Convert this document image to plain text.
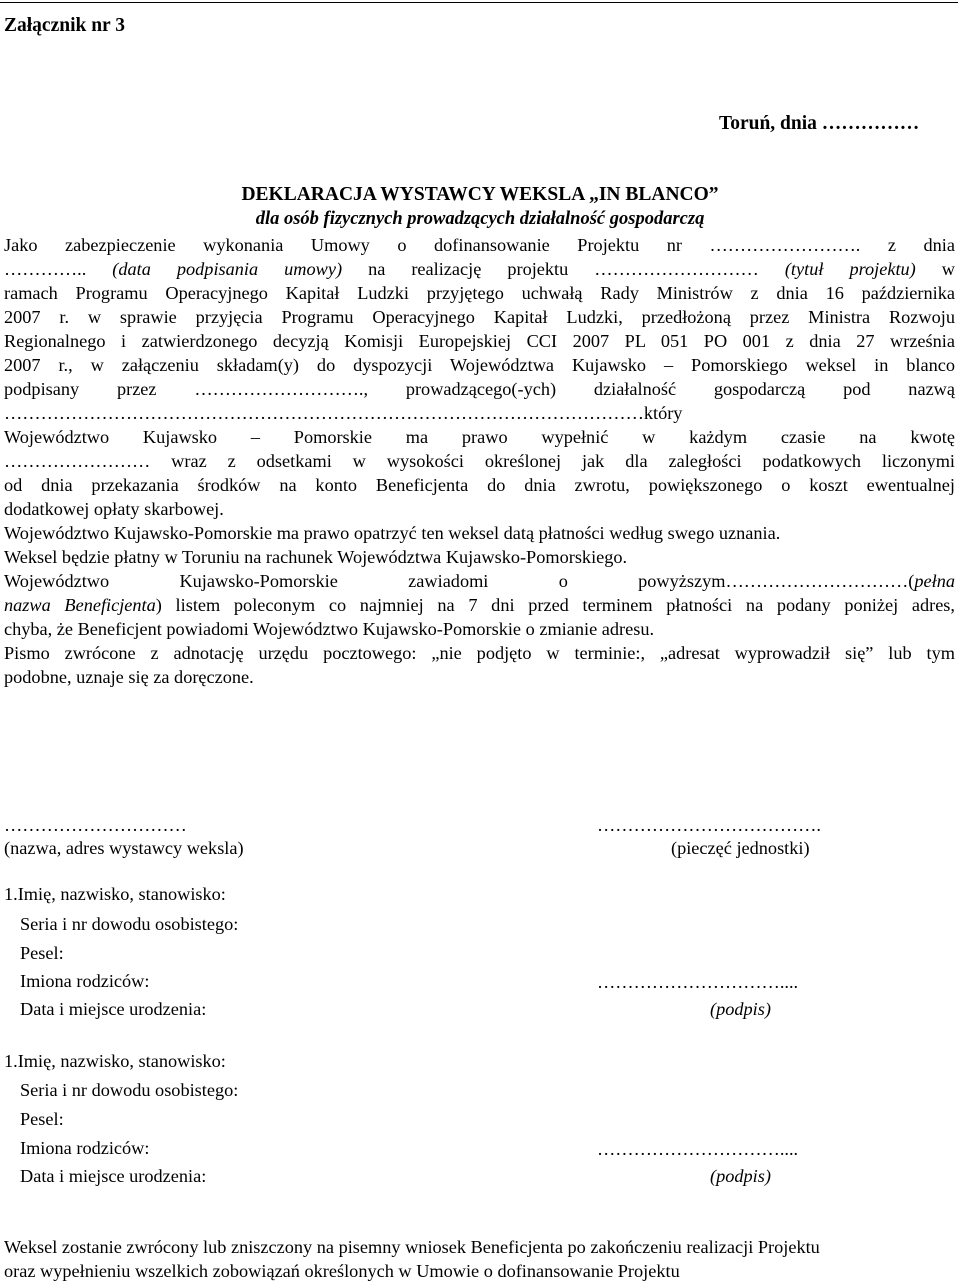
Załącznik nr 3
Toruń, dnia ……………
DEKLARACJA WYSTAWCY WEKSLA „IN BLANCO”
dla osób fizycznych prowadzących działalność gospodarczą
Jako zabezpieczenie wykonania Umowy o dofinansowanie Projektu nr ……………………. z dnia
………….. (data podpisania umowy) na realizację projektu ……………………… (tytuł projektu) w
ramach Programu Operacyjnego Kapitał Ludzki przyjętego uchwałą Rady Ministrów z dnia 16 października
2007 r. w sprawie przyjęcia Programu Operacyjnego Kapitał Ludzki, przedłożoną przez Ministra Rozwoju
Regionalnego i zatwierdzonego decyzją Komisji Europejskiej CCI 2007 PL 051 PO 001 z dnia 27 września
2007 r., w załączeniu składam(y) do dyspozycji Województwa Kujawsko – Pomorskiego weksel in blanco
podpisany przez ………………………., prowadzącego(-ych) działalność gospodarczą pod nazwą
……………………………………………………………………………………………który
Województwo Kujawsko – Pomorskie ma prawo wypełnić w każdym czasie na kwotę
…………………… wraz z odsetkami w wysokości określonej jak dla zaległości podatkowych liczonymi
od dnia przekazania środków na konto Beneficjenta do dnia zwrotu, powiększonego o koszt ewentualnej
dodatkowej opłaty skarbowej.
Województwo Kujawsko-Pomorskie ma prawo opatrzyć ten weksel datą płatności według swego uznania.
Weksel będzie płatny w Toruniu na rachunek Województwa Kujawsko-Pomorskiego.
Województwo Kujawsko-Pomorskie zawiadomi o powyższym…………………………(pełna
nazwa Beneficjenta) listem poleconym co najmniej na 7 dni przed terminem płatności na podany poniżej adres,
chyba, że Beneficjent powiadomi Województwo Kujawsko-Pomorskie o zmianie adresu.
Pismo zwrócone z adnotację urzędu pocztowego: „nie podjęto w terminie:, „adresat wyprowadził się” lub tym
podobne, uznaje się za doręczone.
…………………………
(nazwa, adres wystawcy weksla)
……………………………….
(pieczęć jednostki)
1.Imię, nazwisko, stanowisko:
Seria i nr dowodu osobistego:
Pesel:
Imiona rodziców:
Data i miejsce urodzenia:
…………………………....
(podpis)
1.Imię, nazwisko, stanowisko:
Seria i nr dowodu osobistego:
Pesel:
Imiona rodziców:
Data i miejsce urodzenia:
…………………………....
(podpis)
Weksel zostanie zwrócony lub zniszczony na pisemny wniosek Beneficjenta po zakończeniu realizacji Projektu
oraz wypełnieniu wszelkich zobowiązań określonych w Umowie o dofinansowanie Projektu
